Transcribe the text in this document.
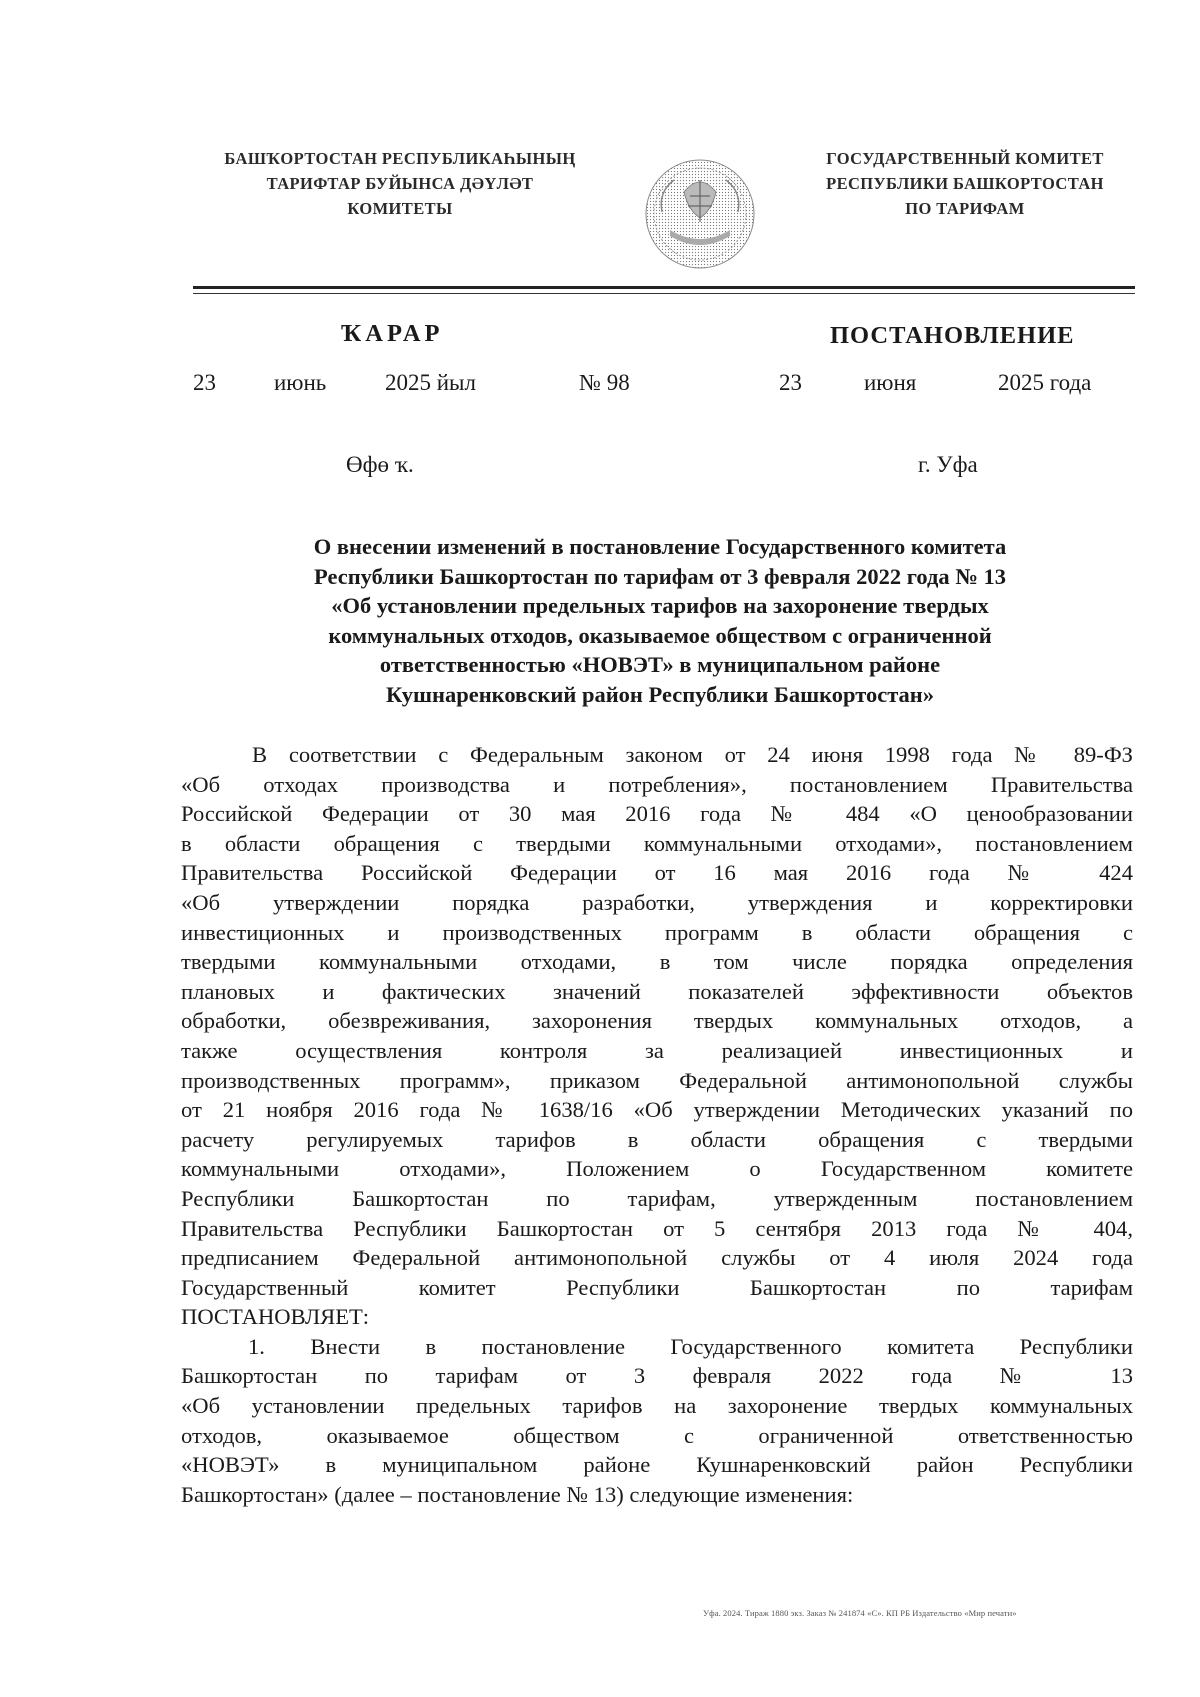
БАШҠОРТОСТАН РЕСПУБЛИКАҺЫНЫҢ
ТАРИФТАР БУЙЫНСА ДӘҮЛӘТ
КОМИТЕТЫ
ГОСУДАРСТВЕННЫЙ КОМИТЕТ
РЕСПУБЛИКИ БАШКОРТОСТАН
ПО ТАРИФАМ
ҠАРАР	ПОСТАНОВЛЕНИЕ
23	июнь	2025 йыл	№ 98	23	июня	2025 года
Өфө ҡ.	г. Уфа
О внесении изменений в постановление Государственного комитета
Республики Башкортостан по тарифам от 3 февраля 2022 года № 13
«Об установлении предельных тарифов на захоронение твердых
коммунальных отходов, оказываемое обществом с ограниченной
ответственностью «НОВЭТ» в муниципальном районе
Кушнаренковский район Республики Башкортостан»
В соответствии с Федеральным законом от 24 июня 1998 года № 89-ФЗ
«Об отходах производства и потребления», постановлением Правительства
Российской Федерации от 30 мая 2016 года № 484 «О ценообразовании
в области обращения с твердыми коммунальными отходами», постановлением
Правительства Российской Федерации от 16 мая 2016 года № 424
«Об утверждении порядка разработки, утверждения и корректировки
инвестиционных и производственных программ в области обращения с
твердыми коммунальными отходами, в том числе порядка определения
плановых и фактических значений показателей эффективности объектов
обработки, обезвреживания, захоронения твердых коммунальных отходов, а
также осуществления контроля за реализацией инвестиционных и
производственных программ», приказом Федеральной антимонопольной службы
от 21 ноября 2016 года № 1638/16 «Об утверждении Методических указаний по
расчету регулируемых тарифов в области обращения с твердыми
коммунальными отходами», Положением о Государственном комитете
Республики Башкортостан по тарифам, утвержденным постановлением
Правительства Республики Башкортостан от 5 сентября 2013 года № 404,
предписанием Федеральной антимонопольной службы от 4 июля 2024 года
Государственный комитет Республики Башкортостан по тарифам
ПОСТАНОВЛЯЕТ:
1. Внести в постановление Государственного комитета Республики
Башкортостан по тарифам от 3 февраля 2022 года № 13
«Об установлении предельных тарифов на захоронение твердых коммунальных
отходов, оказываемое обществом с ограниченной ответственностью
«НОВЭТ» в муниципальном районе Кушнаренковский район Республики
Башкортостан» (далее – постановление № 13) следующие изменения:
Уфа. 2024. Тираж 1880 экз. Заказ № 241874 «С». КП РБ Издательство «Мир печати»
